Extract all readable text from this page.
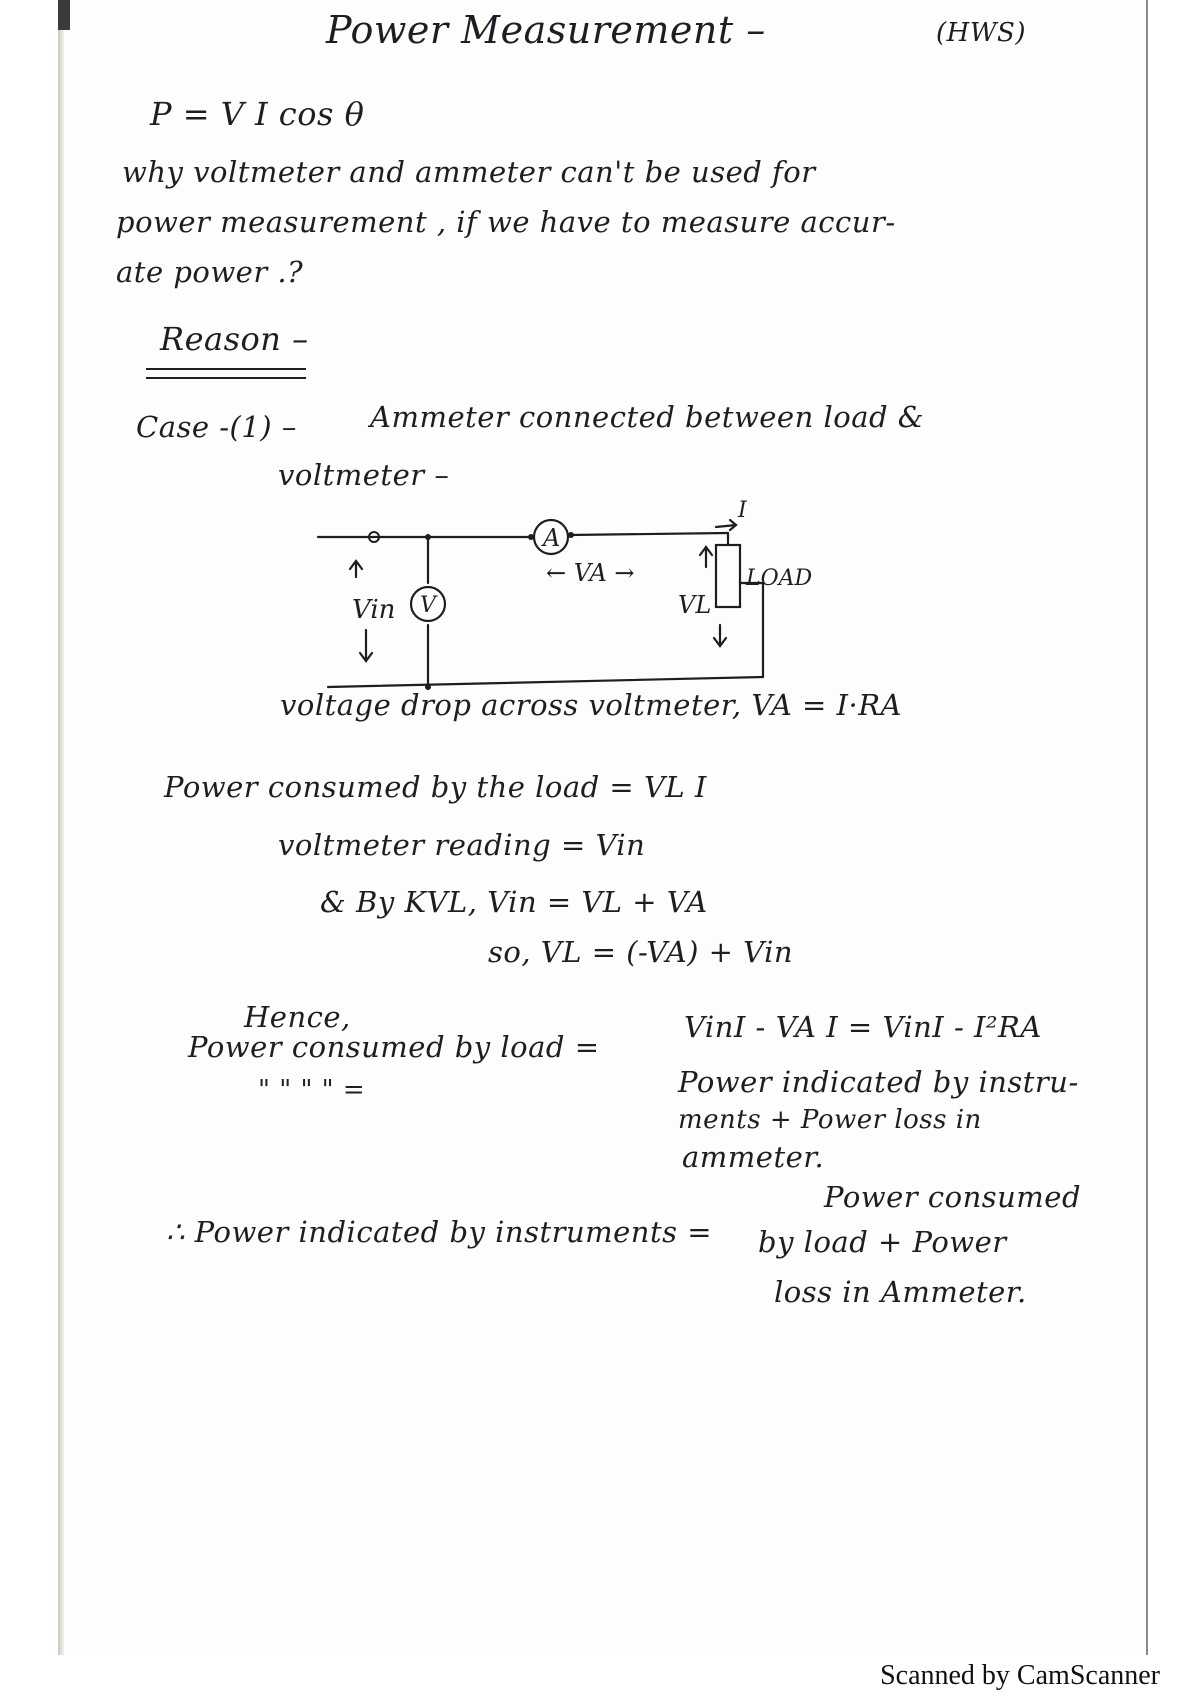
Power Measurement –	(HWS)
P = V I cos θ
why voltmeter and ammeter can't be used for
power measurement , if we have to measure accur-
ate power .?
Reason –
Case -(1) –	Ammeter connected between load &
voltmeter –
A
V
I
← VA →
Vin	VL
LOAD
voltage drop across voltmeter, VA = I·RA
Power consumed by the load = VL I
voltmeter reading = Vin
& By KVL, Vin = VL + VA
so, VL = (-VA) + Vin
Hence,
Power consumed by load =
VinI - VA I = VinI - I²RA
" " " " =	Power indicated by instru-
ments + Power loss in
ammeter.
∴ Power indicated by instruments =
Power consumed
by load + Power
loss in Ammeter.
Scanned by CamScanner
